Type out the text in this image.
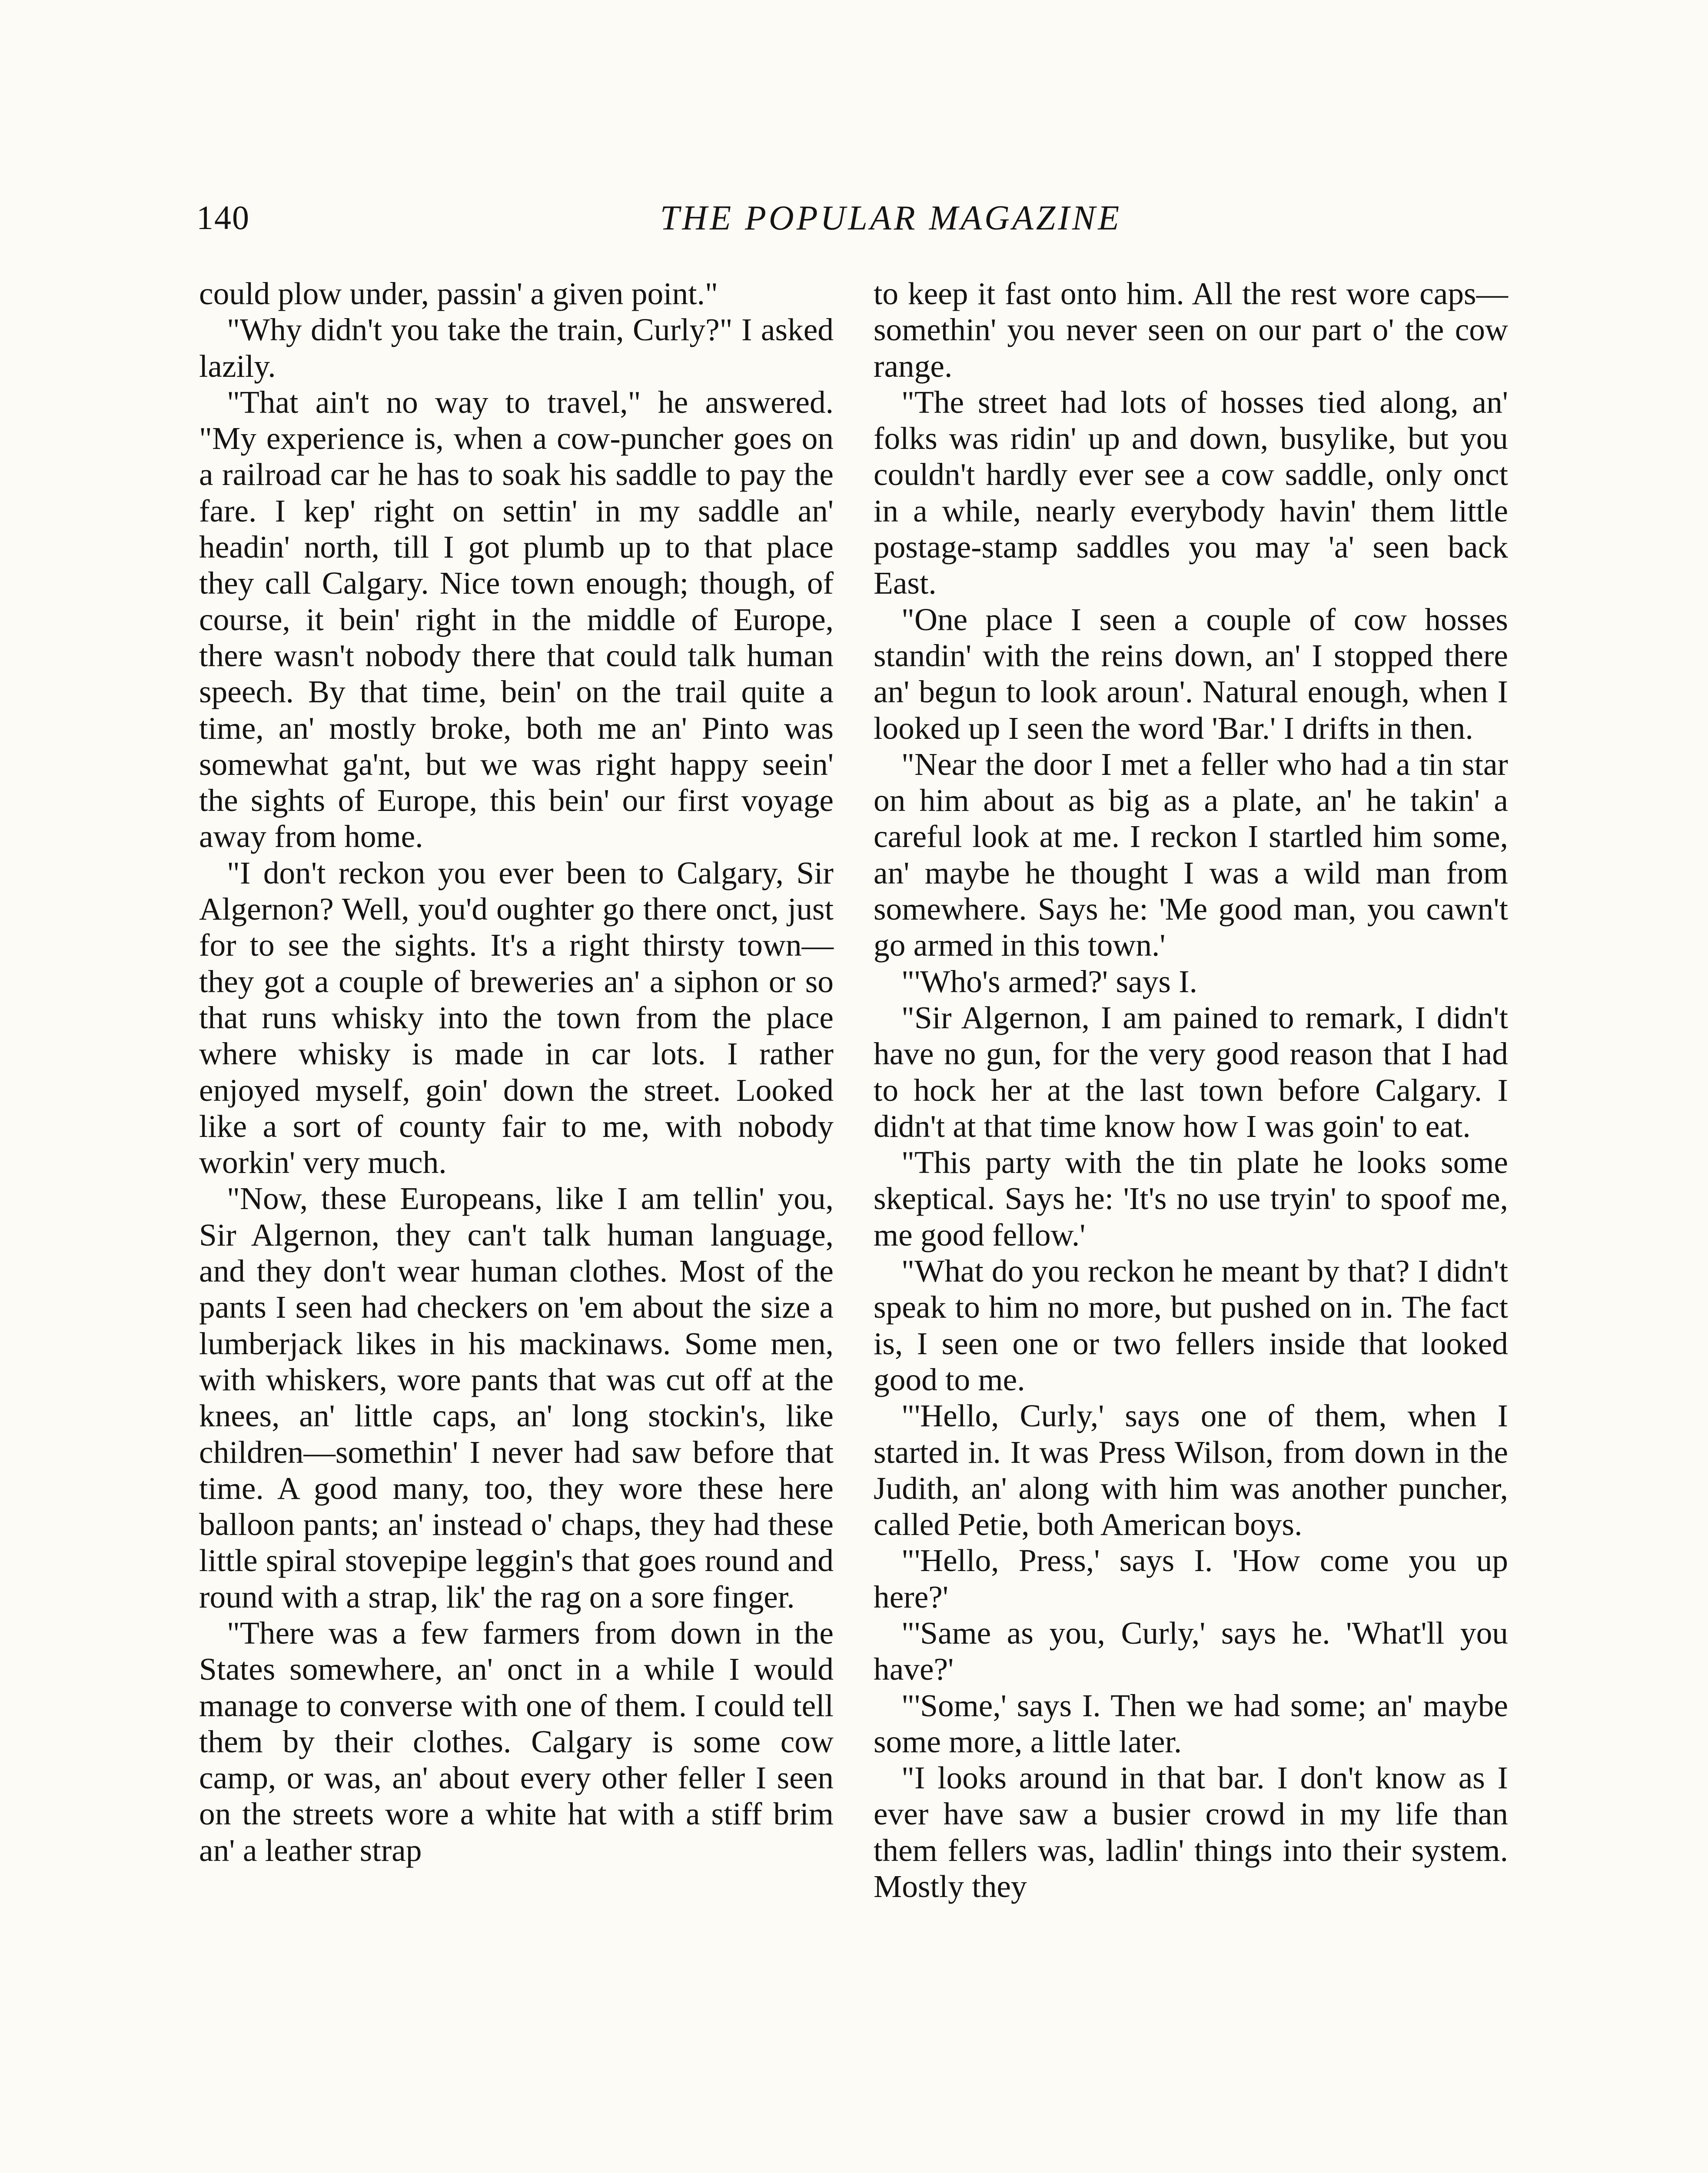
140	THE POPULAR MAGAZINE

could plow under, passin' a given point."

"Why didn't you take the train, Curly?" I asked lazily.

"That ain't no way to travel," he answered. "My experience is, when a cow-puncher goes on a railroad car he has to soak his saddle to pay the fare. I kep' right on settin' in my saddle an' headin' north, till I got plumb up to that place they call Calgary. Nice town enough; though, of course, it bein' right in the middle of Europe, there wasn't nobody there that could talk human speech. By that time, bein' on the trail quite a time, an' mostly broke, both me an' Pinto was somewhat ga'nt, but we was right happy seein' the sights of Europe, this bein' our first voyage away from home.

"I don't reckon you ever been to Calgary, Sir Algernon? Well, you'd oughter go there onct, just for to see the sights. It's a right thirsty town—they got a couple of breweries an' a siphon or so that runs whisky into the town from the place where whisky is made in car lots. I rather enjoyed myself, goin' down the street. Looked like a sort of county fair to me, with nobody workin' very much.

"Now, these Europeans, like I am tellin' you, Sir Algernon, they can't talk human language, and they don't wear human clothes. Most of the pants I seen had checkers on 'em about the size a lumberjack likes in his mackinaws. Some men, with whiskers, wore pants that was cut off at the knees, an' little caps, an' long stockin's, like children—somethin' I never had saw before that time. A good many, too, they wore these here balloon pants; an' instead o' chaps, they had these little spiral stovepipe leggin's that goes round and round with a strap, lik' the rag on a sore finger.

"There was a few farmers from down in the States somewhere, an' onct in a while I would manage to converse with one of them. I could tell them by their clothes. Calgary is some cow camp, or was, an' about every other feller I seen on the streets wore a white hat with a stiff brim an' a leather strap

to keep it fast onto him. All the rest wore caps—somethin' you never seen on our part o' the cow range.

"The street had lots of hosses tied along, an' folks was ridin' up and down, busylike, but you couldn't hardly ever see a cow saddle, only onct in a while, nearly everybody havin' them little postage-stamp saddles you may 'a' seen back East.

"One place I seen a couple of cow hosses standin' with the reins down, an' I stopped there an' begun to look aroun'. Natural enough, when I looked up I seen the word 'Bar.' I drifts in then.

"Near the door I met a feller who had a tin star on him about as big as a plate, an' he takin' a careful look at me. I reckon I startled him some, an' maybe he thought I was a wild man from somewhere. Says he: 'Me good man, you cawn't go armed in this town.'

"'Who's armed?' says I.

"Sir Algernon, I am pained to remark, I didn't have no gun, for the very good reason that I had to hock her at the last town before Calgary. I didn't at that time know how I was goin' to eat.

"This party with the tin plate he looks some skeptical. Says he: 'It's no use tryin' to spoof me, me good fellow.'

"What do you reckon he meant by that? I didn't speak to him no more, but pushed on in. The fact is, I seen one or two fellers inside that looked good to me.

"'Hello, Curly,' says one of them, when I started in. It was Press Wilson, from down in the Judith, an' along with him was another puncher, called Petie, both American boys.

"'Hello, Press,' says I. 'How come you up here?'

"'Same as you, Curly,' says he. 'What'll you have?'

"'Some,' says I. Then we had some; an' maybe some more, a little later.

"I looks around in that bar. I don't know as I ever have saw a busier crowd in my life than them fellers was, ladlin' things into their system. Mostly they
